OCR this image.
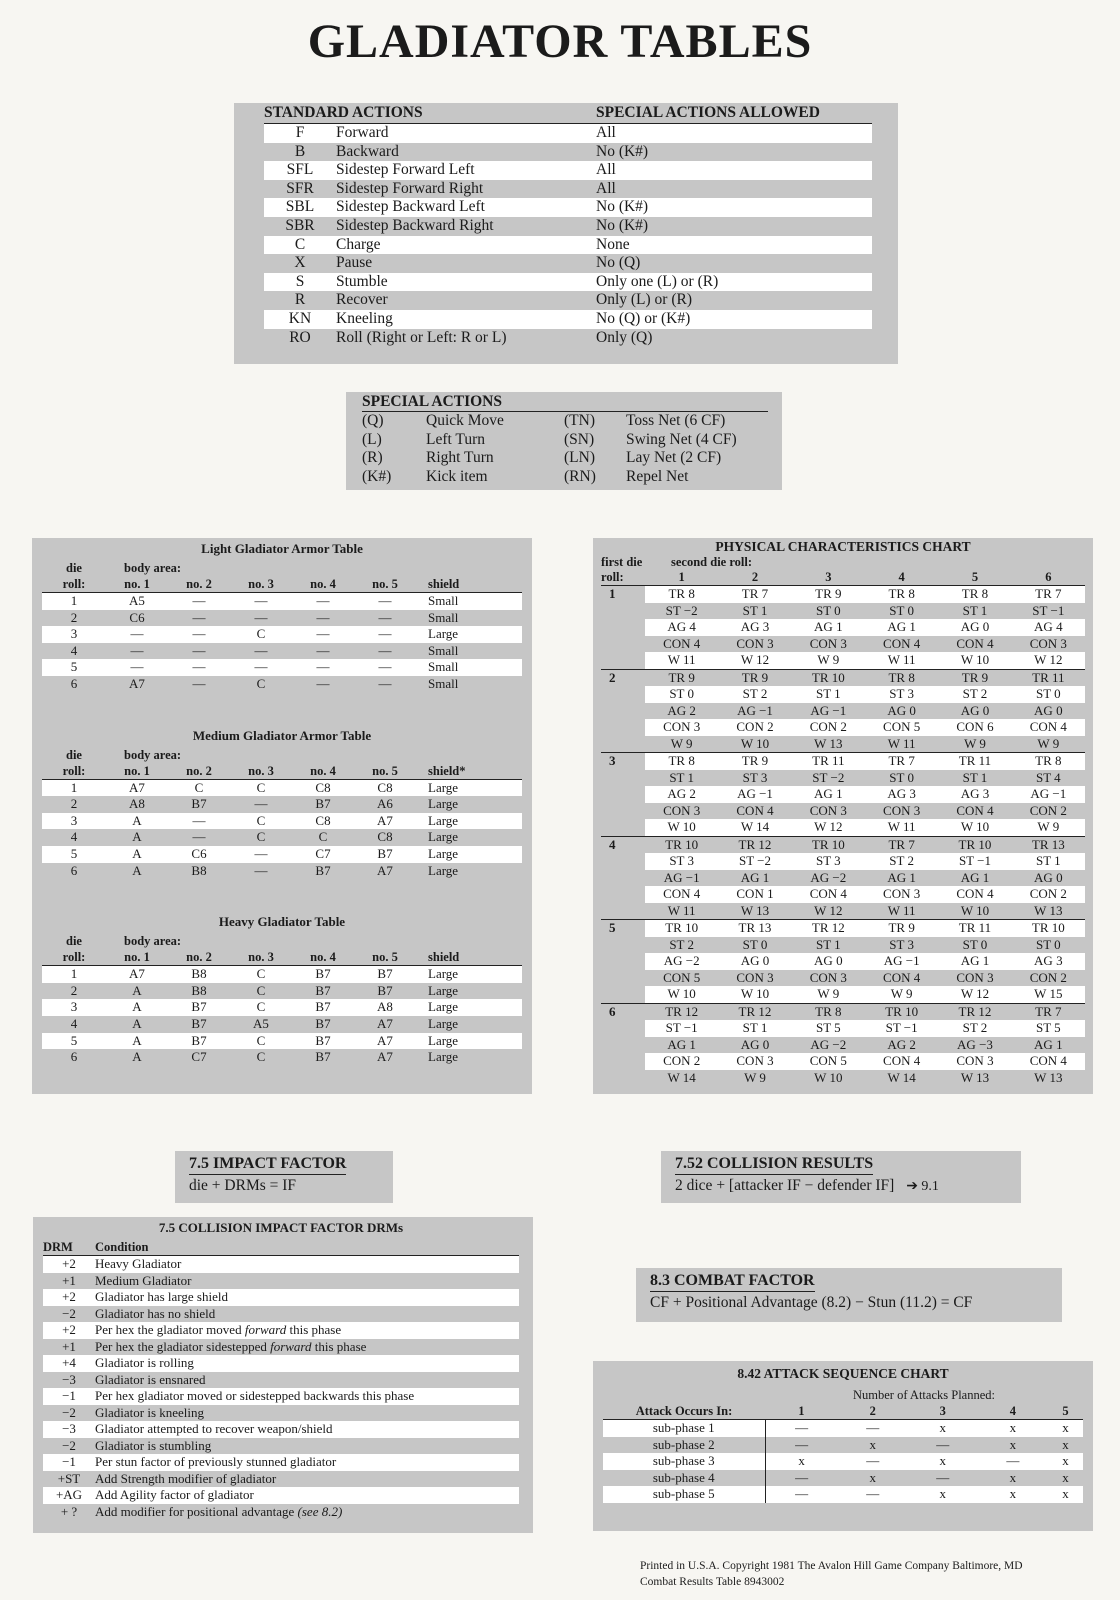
GLADIATOR TABLES
STANDARD ACTIONS		SPECIAL ACTIONS ALLOWED
F	Forward	All
B	Backward	No (K#)
SFL	Sidestep Forward Left	All
SFR	Sidestep Forward Right	All
SBL	Sidestep Backward Left	No (K#)
SBR	Sidestep Backward Right	No (K#)
C	Charge	None
X	Pause	No (Q)
S	Stumble	Only one (L) or (R)
R	Recover	Only (L) or (R)
KN	Kneeling	No (Q) or (K#)
RO	Roll (Right or Left: R or L)	Only (Q)
SPECIAL ACTIONS			
(Q)	Quick Move	(TN)	Toss Net (6 CF)
(L)	Left Turn	(SN)	Swing Net (4 CF)
(R)	Right Turn	(LN)	Lay Net (2 CF)
(K#)	Kick item	(RN)	Repel Net
Light Gladiator Armor Table
die	body area:					
roll:	no. 1	no. 2	no. 3	no. 4	no. 5	shield
1	A5	—	—	—	—	Small
2	C6	—	—	—	—	Small
3	—	—	C	—	—	Large
4	—	—	—	—	—	Small
5	—	—	—	—	—	Small
6	A7	—	C	—	—	Small
Medium Gladiator Armor Table
die	body area:					
roll:	no. 1	no. 2	no. 3	no. 4	no. 5	shield*
1	A7	C	C	C8	C8	Large
2	A8	B7	—	B7	A6	Large
3	A	—	C	C8	A7	Large
4	A	—	C	C	C8	Large
5	A	C6	—	C7	B7	Large
6	A	B8	—	B7	A7	Large
Heavy Gladiator Table
die	body area:					
roll:	no. 1	no. 2	no. 3	no. 4	no. 5	shield
1	A7	B8	C	B7	B7	Large
2	A	B8	C	B7	B7	Large
3	A	B7	C	B7	A8	Large
4	A	B7	A5	B7	A7	Large
5	A	B7	C	B7	A7	Large
6	A	C7	C	B7	A7	Large
PHYSICAL CHARACTERISTICS CHART
first die	second die roll:					
roll:	1	2	3	4	5	6
1	TR 8	TR 7	TR 9	TR 8	TR 8	TR 7
	ST −2	ST 1	ST 0	ST 0	ST 1	ST −1
	AG 4	AG 3	AG 1	AG 1	AG 0	AG 4
	CON 4	CON 3	CON 3	CON 4	CON 4	CON 3
	W 11	W 12	W 9	W 11	W 10	W 12
2	TR 9	TR 9	TR 10	TR 8	TR 9	TR 11
	ST 0	ST 2	ST 1	ST 3	ST 2	ST 0
	AG 2	AG −1	AG −1	AG 0	AG 0	AG 0
	CON 3	CON 2	CON 2	CON 5	CON 6	CON 4
	W 9	W 10	W 13	W 11	W 9	W 9
3	TR 8	TR 9	TR 11	TR 7	TR 11	TR 8
	ST 1	ST 3	ST −2	ST 0	ST 1	ST 4
	AG 2	AG −1	AG 1	AG 3	AG 3	AG −1
	CON 3	CON 4	CON 3	CON 3	CON 4	CON 2
	W 10	W 14	W 12	W 11	W 10	W 9
4	TR 10	TR 12	TR 10	TR 7	TR 10	TR 13
	ST 3	ST −2	ST 3	ST 2	ST −1	ST 1
	AG −1	AG 1	AG −2	AG 1	AG 1	AG 0
	CON 4	CON 1	CON 4	CON 3	CON 4	CON 2
	W 11	W 13	W 12	W 11	W 10	W 13
5	TR 10	TR 13	TR 12	TR 9	TR 11	TR 10
	ST 2	ST 0	ST 1	ST 3	ST 0	ST 0
	AG −2	AG 0	AG 0	AG −1	AG 1	AG 3
	CON 5	CON 3	CON 3	CON 4	CON 3	CON 2
	W 10	W 10	W 9	W 9	W 12	W 15
6	TR 12	TR 12	TR 8	TR 10	TR 12	TR 7
	ST −1	ST 1	ST 5	ST −1	ST 2	ST 5
	AG 1	AG 0	AG −2	AG 2	AG −3	AG 1
	CON 2	CON 3	CON 5	CON 4	CON 3	CON 4
	W 14	W 9	W 10	W 14	W 13	W 13
7.5 IMPACT FACTOR
die + DRMs = IF
7.52 COLLISION RESULTS
2 dice + [attacker IF − defender IF] ➔ 9.1
8.3 COMBAT FACTOR
CF + Positional Advantage (8.2) − Stun (11.2) = CF
7.5 COLLISION IMPACT FACTOR DRMs
DRM	Condition
+2	Heavy Gladiator
+1	Medium Gladiator
+2	Gladiator has large shield
−2	Gladiator has no shield
+2	Per hex the gladiator moved forward this phase
+1	Per hex the gladiator sidestepped forward this phase
+4	Gladiator is rolling
−3	Gladiator is ensnared
−1	Per hex gladiator moved or sidestepped backwards this phase
−2	Gladiator is kneeling
−3	Gladiator attempted to recover weapon/shield
−2	Gladiator is stumbling
−1	Per stun factor of previously stunned gladiator
+ST	Add Strength modifier of gladiator
+AG	Add Agility factor of gladiator
+ ?	Add modifier for positional advantage (see 8.2)
8.42 ATTACK SEQUENCE CHART
	Number of Attacks Planned:				
Attack Occurs In:	1	2	3	4	5
sub-phase 1	—	—	x	x	x
sub-phase 2	—	x	—	x	x
sub-phase 3	x	—	x	—	x
sub-phase 4	—	x	—	x	x
sub-phase 5	—	—	x	x	x
Printed in U.S.A. Copyright 1981 The Avalon Hill Game Company Baltimore, MD
Combat Results Table 8943002
